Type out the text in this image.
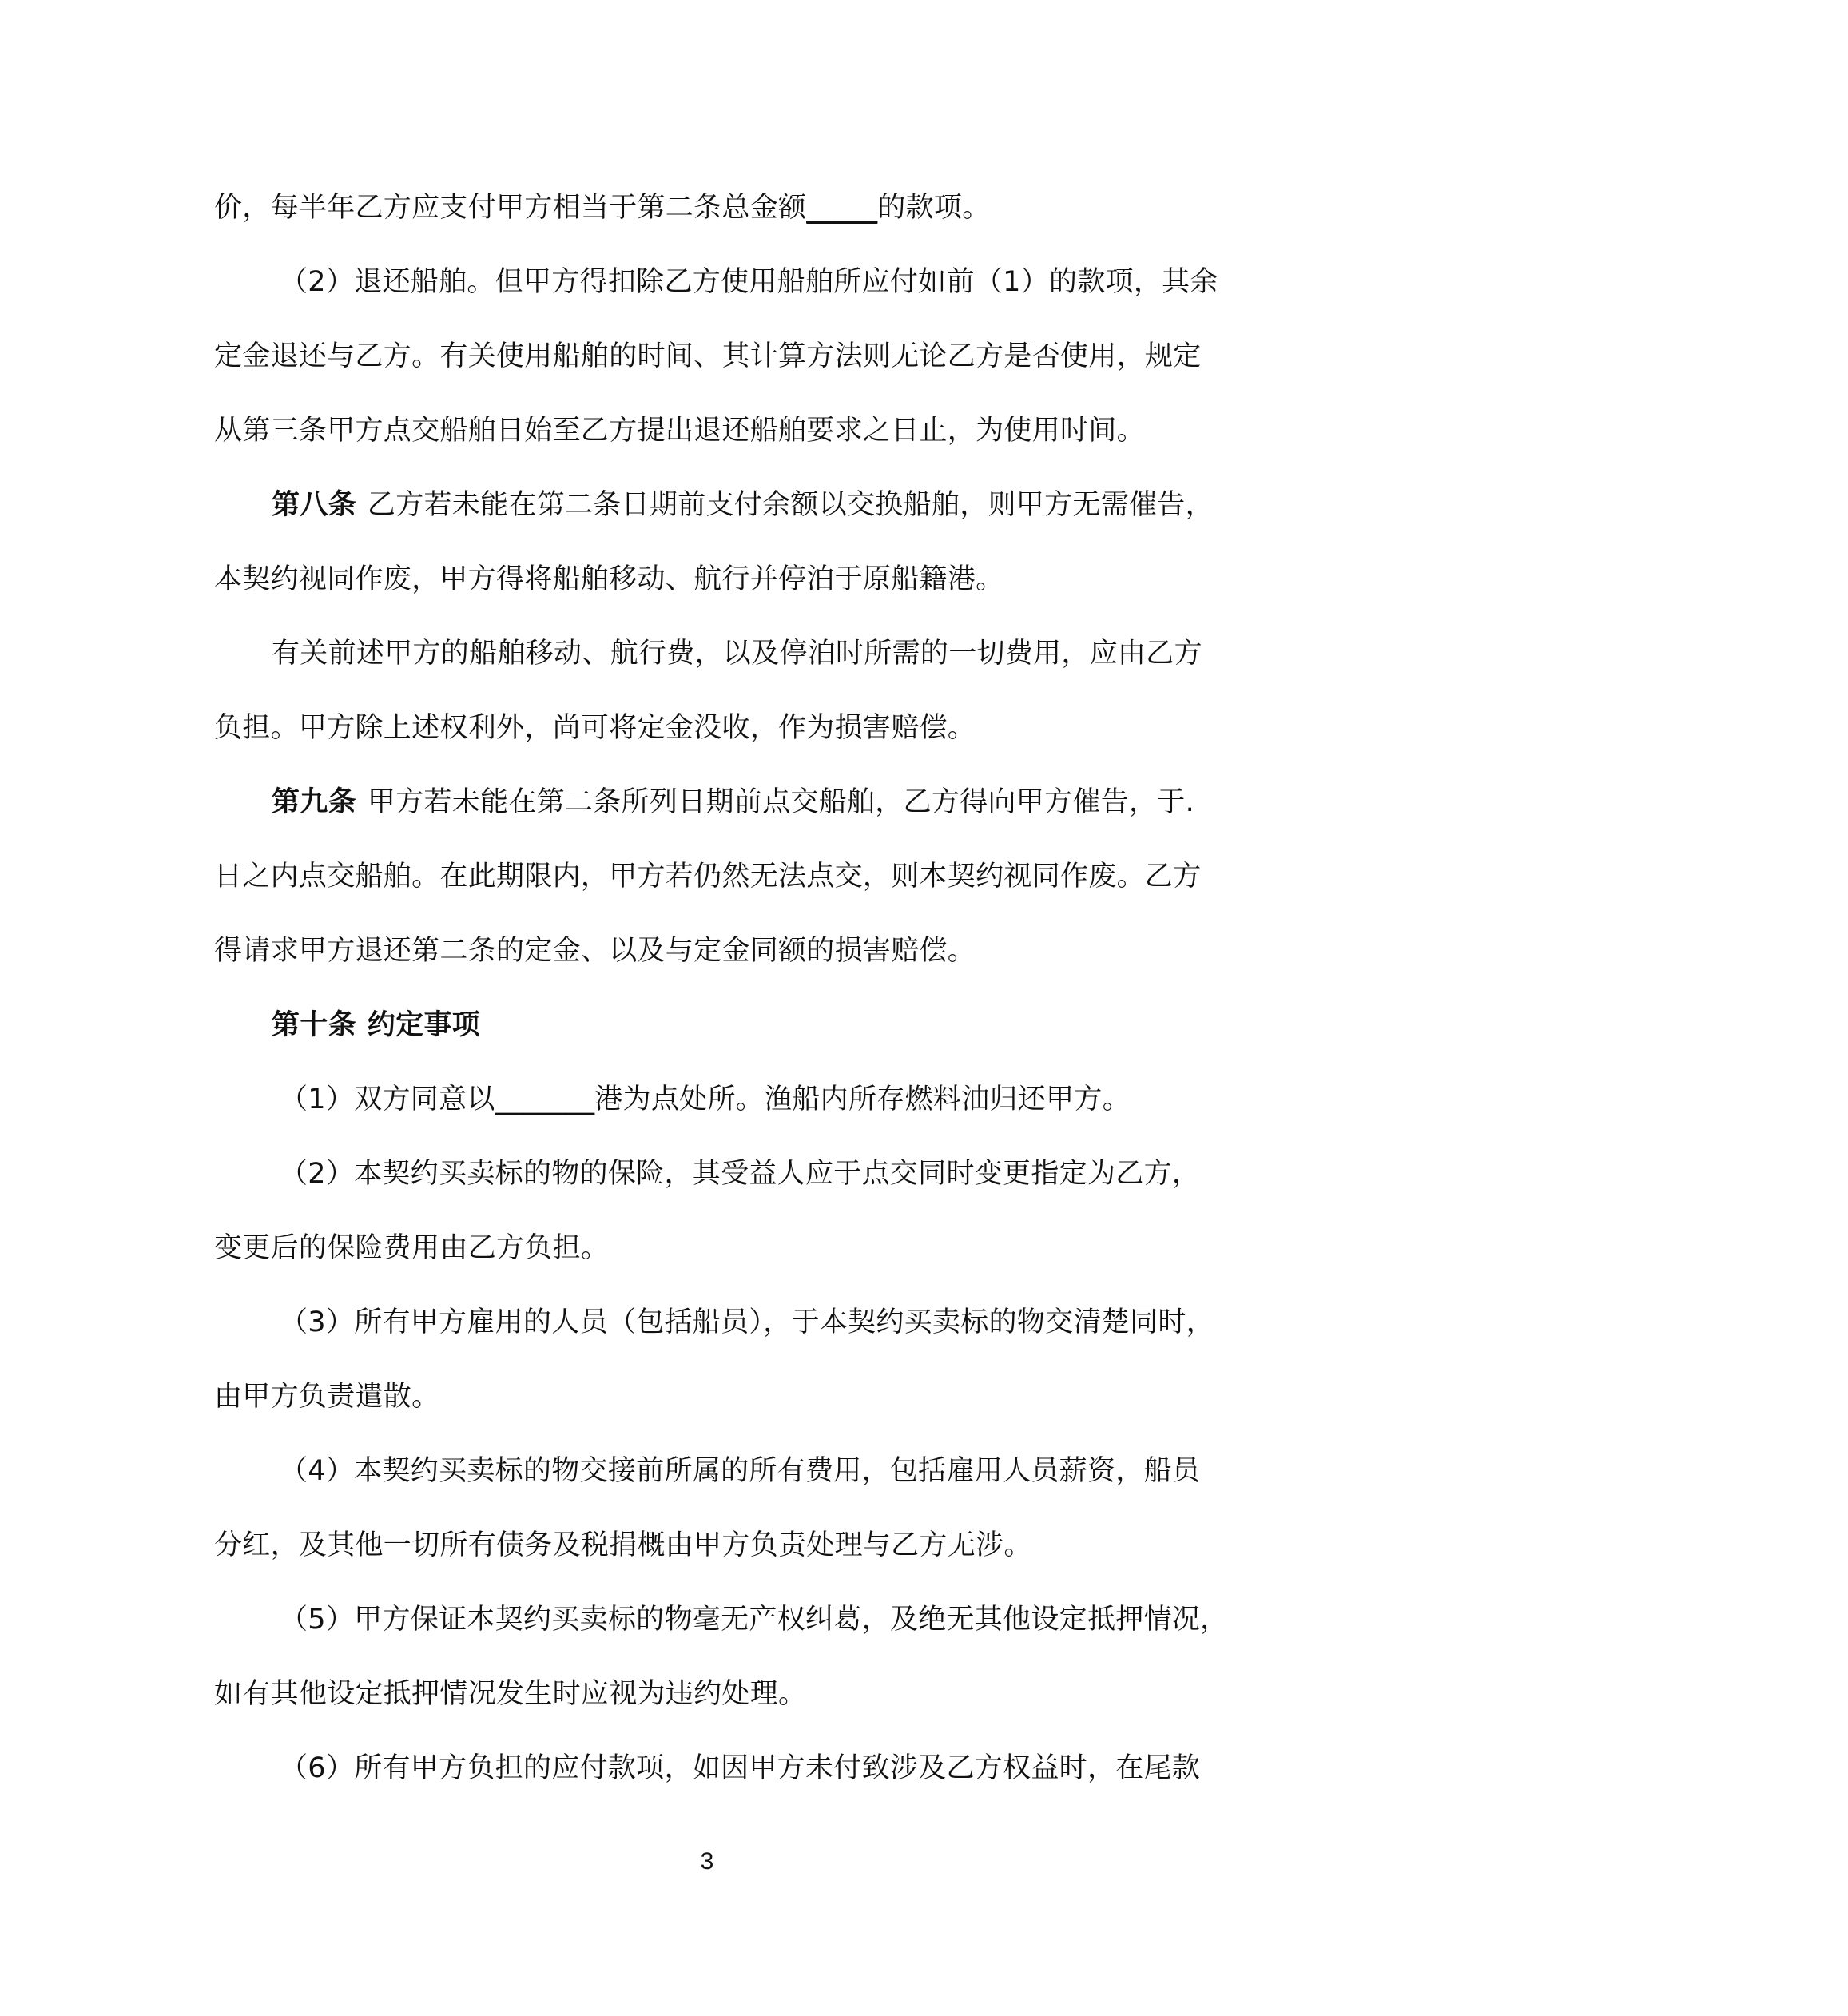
价，每半年乙方应支付甲方相当于第二条总金额_____的款项。
（2）退还船舶。但甲方得扣除乙方使用船舶所应付如前（1）的款项，其余
定金退还与乙方。有关使用船舶的时间、其计算方法则无论乙方是否使用，规定
从第三条甲方点交船舶日始至乙方提出退还船舶要求之日止，为使用时间。
第八条 乙方若未能在第二条日期前支付余额以交换船舶，则甲方无需催告，
本契约视同作废，甲方得将船舶移动、航行并停泊于原船籍港。
有关前述甲方的船舶移动、航行费，以及停泊时所需的一切费用，应由乙方
负担。甲方除上述权利外，尚可将定金没收，作为损害赔偿。
第九条 甲方若未能在第二条所列日期前点交船舶，乙方得向甲方催告，于.
日之内点交船舶。在此期限内，甲方若仍然无法点交，则本契约视同作废。乙方
得请求甲方退还第二条的定金、以及与定金同额的损害赔偿。
第十条 约定事项
（1）双方同意以_______港为点处所。渔船内所存燃料油归还甲方。
（2）本契约买卖标的物的保险，其受益人应于点交同时变更指定为乙方，
变更后的保险费用由乙方负担。
（3）所有甲方雇用的人员（包括船员），于本契约买卖标的物交清楚同时，
由甲方负责遣散。
（4）本契约买卖标的物交接前所属的所有费用，包括雇用人员薪资，船员
分红，及其他一切所有债务及税捐概由甲方负责处理与乙方无涉。
（5）甲方保证本契约买卖标的物毫无产权纠葛，及绝无其他设定抵押情况，
如有其他设定抵押情况发生时应视为违约处理。
（6）所有甲方负担的应付款项，如因甲方未付致涉及乙方权益时，在尾款
3
